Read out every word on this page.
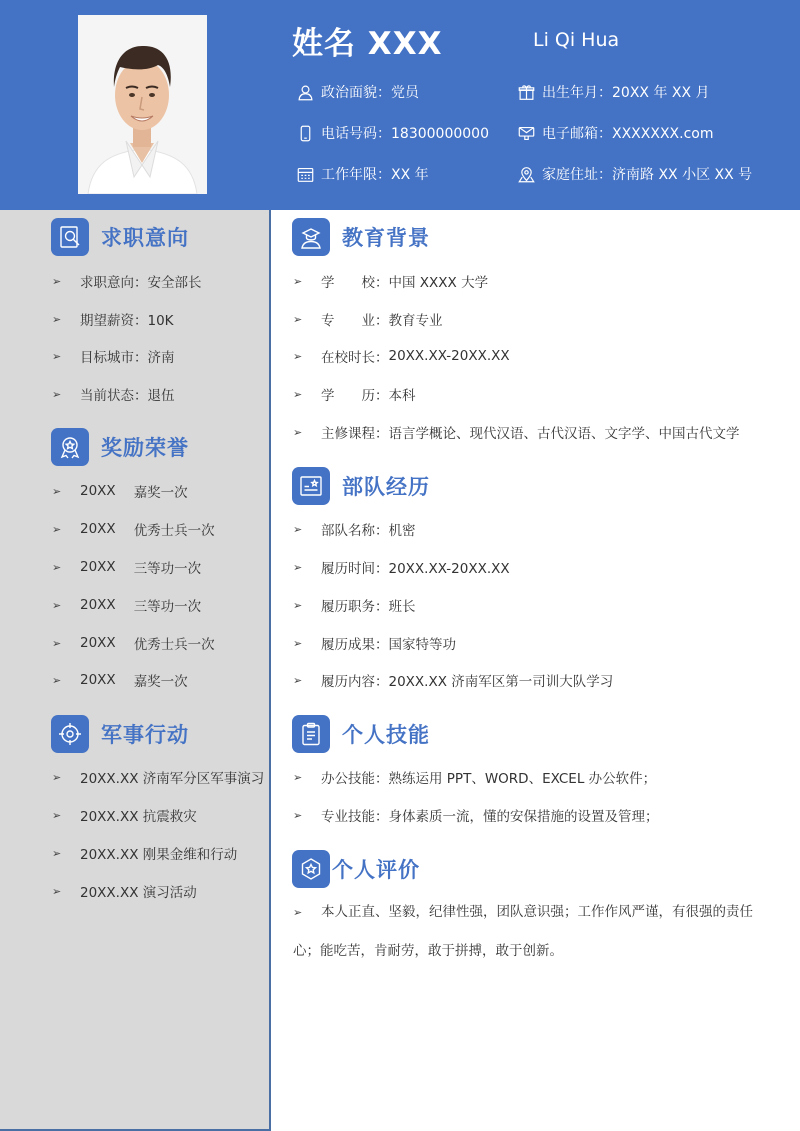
姓名 XXX	Li Qi Hua
政治面貌：党员	出生年月：20XX 年 XX 月
电话号码：18300000000	电子邮箱：XXXXXXX.com
工作年限：XX 年	家庭住址：济南路 XX 小区 XX 号
求职意向
➢	求职意向：安全部长
➢	期望薪资：10K
➢	目标城市：济南
➢	当前状态：退伍
奖励荣誉
➢	20XX 嘉奖一次
➢	20XX 优秀士兵一次
➢	20XX 三等功一次
➢	20XX 三等功一次
➢	20XX 优秀士兵一次
➢	20XX 嘉奖一次
军事行动
➢	20XX.XX 济南军分区军事演习
➢	20XX.XX 抗震救灾
➢	20XX.XX 刚果金维和行动
➢	20XX.XX 演习活动
教育背景
➢	学　　校 ： 中国 XXXX 大学
➢	专　　业 ： 教育专业
➢	在校时长 ： 20XX.XX-20XX.XX
➢	学　　历 ： 本科
➢	主修课程 ： 语言学概论、现代汉语、古代汉语、文字学、中国古代文学
部队经历
➢	部队名称：机密
➢	履历时间：20XX.XX-20XX.XX
➢	履历职务：班长
➢	履历成果：国家特等功
➢	履历内容：20XX.XX 济南军区第一司训大队学习
个人技能
➢	办公技能：熟练运用 PPT、WORD、EXCEL 办公软件；
➢	专业技能：身体素质一流，懂的安保措施的设置及管理；
个人评价
➢ 本人正直、坚毅，纪律性强，团队意识强；工作作风严谨，有很强的责任心；能吃苦，肯耐劳，敢于拼搏，敢于创新。
